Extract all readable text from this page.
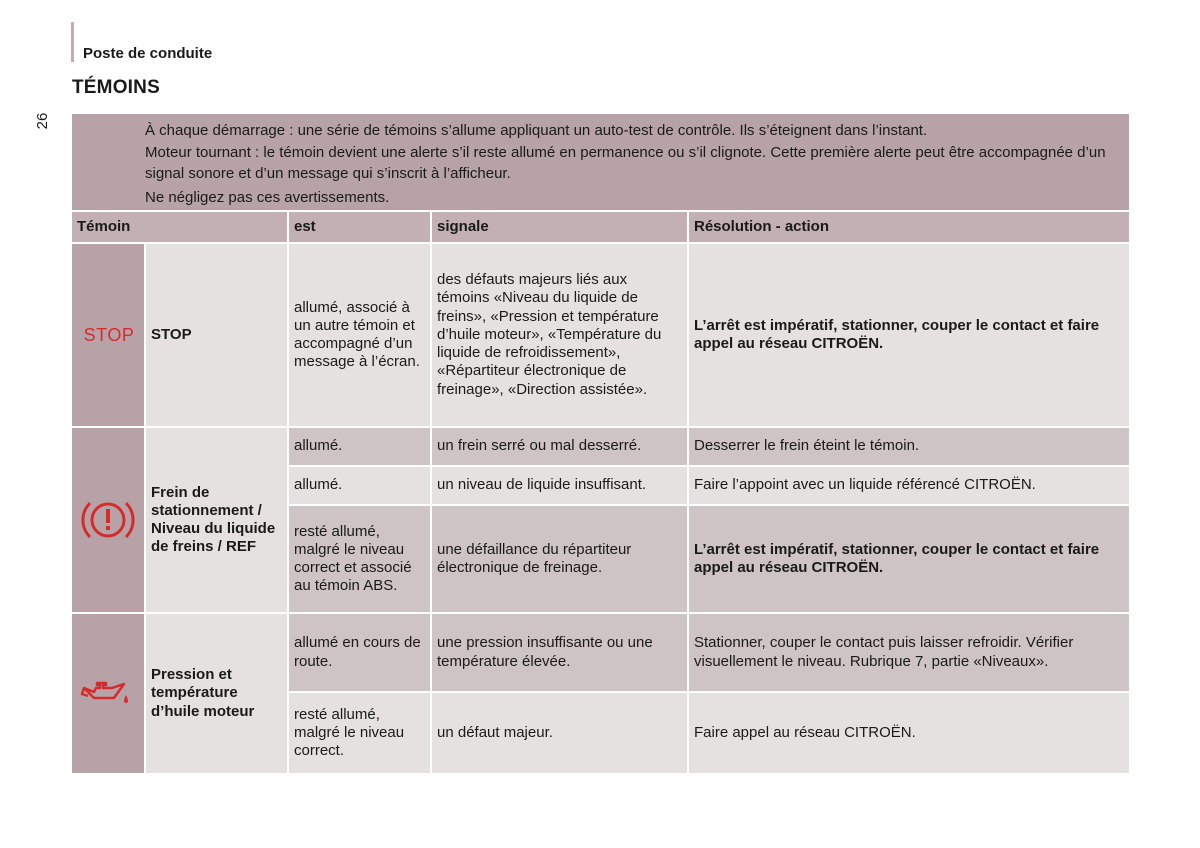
Poste de conduite
TÉMOINS
26

À chaque démarrage : une série de témoins s’allume appliquant un auto-test de contrôle. Ils s’éteignent dans l’instant.

Moteur tournant : le témoin devient une alerte s’il reste allumé en permanence ou s’il clignote. Cette première alerte peut être accompagnée d’un signal sonore et d’un message qui s’inscrit à l’afficheur.

Ne négligez pas ces avertissements.

Témoin		est	signale	Résolution - action

STOP	STOP	allumé, associé à un autre témoin et accompagné d’un message à l’écran.	des défauts majeurs liés aux témoins «Niveau du liquide de freins», «Pression et température d’huile moteur», «Température du liquide de refroidissement», «Répartiteur électronique de freinage», «Direction assistée».	L’arrêt est impératif, stationner, couper le contact et faire appel au réseau CITROËN.

	Frein de stationnement / Niveau du liquide de freins / REF	allumé.	un frein serré ou mal desserré.	Desserrer le frein éteint le témoin.
		allumé.	un niveau de liquide insuffisant.	Faire l’appoint avec un liquide référencé CITROËN.
		resté allumé, malgré le niveau correct et associé au témoin ABS.	une défaillance du répartiteur électronique de freinage.	L’arrêt est impératif, stationner, couper le contact et faire appel au réseau CITROËN.

	Pression et température d’huile moteur	allumé en cours de route.	une pression insuffisante ou une température élevée.	Stationner, couper le contact puis laisser refroidir. Vérifier visuellement le niveau. Rubrique 7, partie «Niveaux».
		resté allumé, malgré le niveau correct.	un défaut majeur.	Faire appel au réseau CITROËN.
